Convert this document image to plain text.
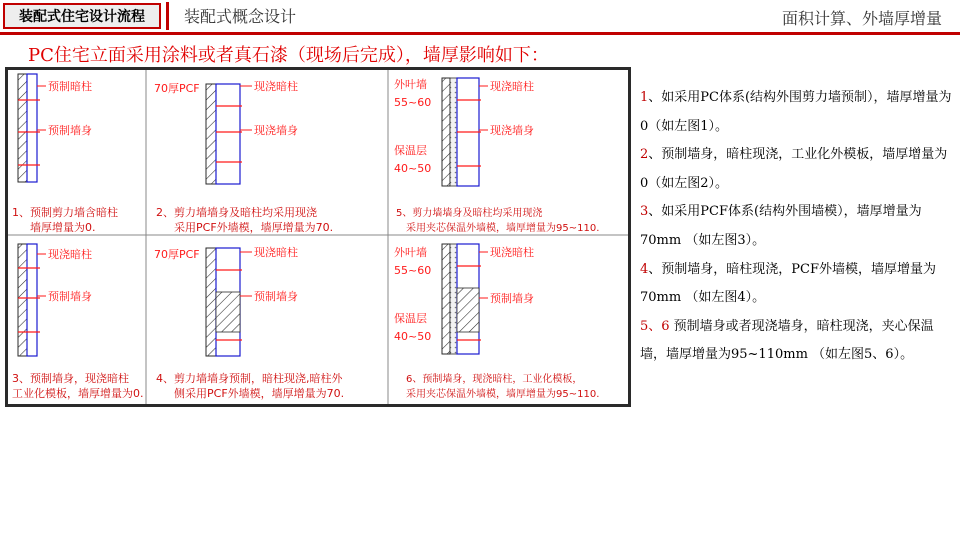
装配式住宅设计流程	装配式概念设计	面积计算、外墙厚增量
PC住宅立面采用涂料或者真石漆（现场后完成），墙厚影响如下：
预制暗柱
预制墙身
1、预制剪力墙含暗柱
墙厚增量为0.
70厚PCF	现浇暗柱
现浇墙身
2、剪力墙墙身及暗柱均采用现浇
采用PCF外墙模，墙厚增量为70.
外叶墙
55~60
现浇暗柱
现浇墙身
保温层
40~50
5、剪力墙墙身及暗柱均采用现浇
采用夹芯保温外墙模，墙厚增量为95~110.
现浇暗柱
预制墙身
3、预制墙身，现浇暗柱
工业化模板，墙厚增量为0.
70厚PCF	现浇暗柱
预制墙身
4、剪力墙墙身预制，暗柱现浇,暗柱外
侧采用PCF外墙模，墙厚增量为70.
外叶墙
55~60
现浇暗柱
预制墙身
保温层
40~50
6、预制墙身，现浇暗柱，工业化模板，
采用夹芯保温外墙模，墙厚增量为95~110.

1、如采用PC体系(结构外围剪力墙预制），墙厚增量为0（如左图1）。

2、预制墙身，暗柱现浇，工业化外模板，墙厚增量为0（如左图2）。

3、如采用PCF体系(结构外围墙模），墙厚增量为70mm （如左图3）。

4、预制墙身，暗柱现浇，PCF外墙模，墙厚增量为70mm （如左图4）。

5、6 预制墙身或者现浇墙身，暗柱现浇，夹心保温墙，墙厚增量为95~110mm （如左图5、6）。
